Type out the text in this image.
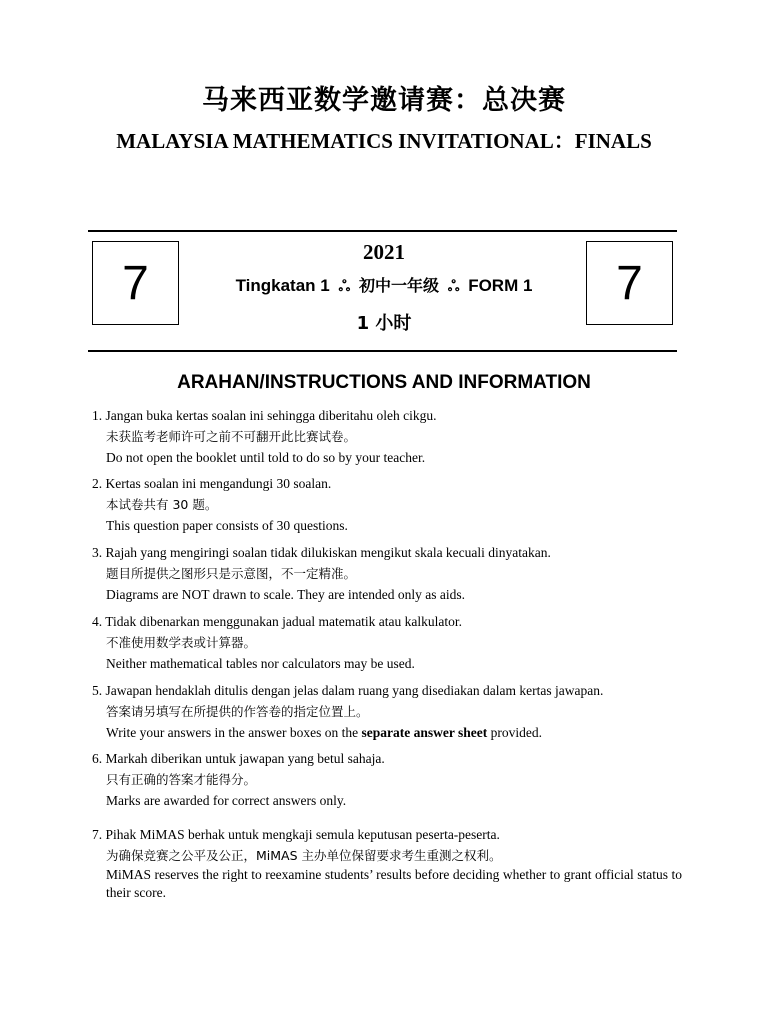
马来西亚数学邀请赛：总决赛
MALAYSIA MATHEMATICS INVITATIONAL：FINALS
7	7
2021
Tingkatan 1 ஃ 初中一年级 ஃ FORM 1
1 小时
ARAHAN/INSTRUCTIONS AND INFORMATION
1. Jangan buka kertas soalan ini sehingga diberitahu oleh cikgu.
未获监考老师许可之前不可翻开此比赛试卷。
Do not open the booklet until told to do so by your teacher.
2. Kertas soalan ini mengandungi 30 soalan.
本试卷共有 30 题。
This question paper consists of 30 questions.
3. Rajah yang mengiringi soalan tidak dilukiskan mengikut skala kecuali dinyatakan.
题目所提供之图形只是示意图，不一定精准。
Diagrams are NOT drawn to scale. They are intended only as aids.
4. Tidak dibenarkan menggunakan jadual matematik atau kalkulator.
不准使用数学表或计算器。
Neither mathematical tables nor calculators may be used.
5. Jawapan hendaklah ditulis dengan jelas dalam ruang yang disediakan dalam kertas jawapan.
答案请另填写在所提供的作答卷的指定位置上。
Write your answers in the answer boxes on the separate answer sheet provided.
6. Markah diberikan untuk jawapan yang betul sahaja.
只有正确的答案才能得分。
Marks are awarded for correct answers only.
7. Pihak MiMAS berhak untuk mengkaji semula keputusan peserta-peserta.
为确保竞赛之公平及公正，MiMAS 主办单位保留要求考生重测之权利。
MiMAS reserves the right to reexamine students’ results before deciding whether to grant official status to their score.
